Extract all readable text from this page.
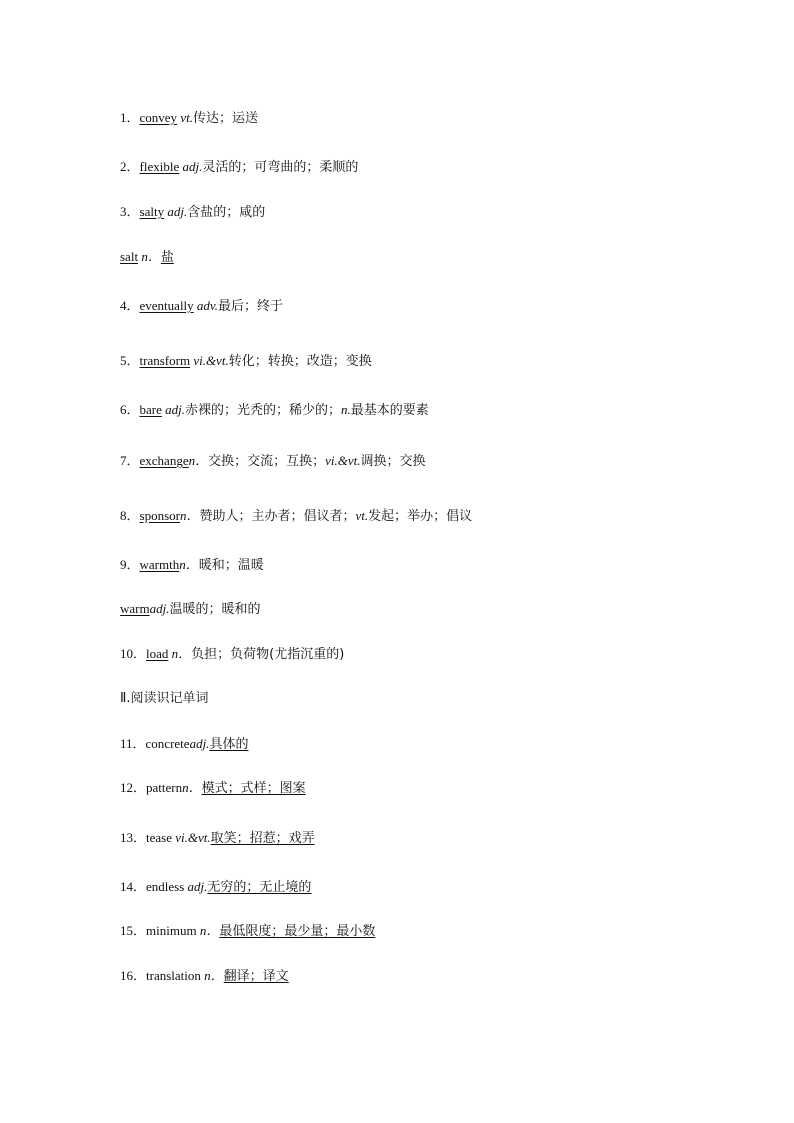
1．convey vt.传达；运送
2．flexible adj.灵活的；可弯曲的；柔顺的
3．salty adj.含盐的；咸的
salt n．盐
4．eventually adv.最后；终于
5．transform vi.&vt.转化；转换；改造；变换
6．bare adj.赤裸的；光秃的；稀少的；n.最基本的要素
7．exchangen．交换；交流；互换；vi.&vt.调换；交换
8．sponsorn．赞助人；主办者；倡议者；vt.发起；举办；倡议
9．warmthn．暖和；温暖
warmadj.温暖的；暖和的
10．load n．负担；负荷物(尤指沉重的)
Ⅱ.阅读识记单词
11．concreteadj.具体的
12．patternn．模式；式样；图案
13．tease vi.&vt.取笑；招惹；戏弄
14．endless adj.无穷的；无止境的
15．minimum n．最低限度；最少量；最小数
16．translation n．翻译；译文
